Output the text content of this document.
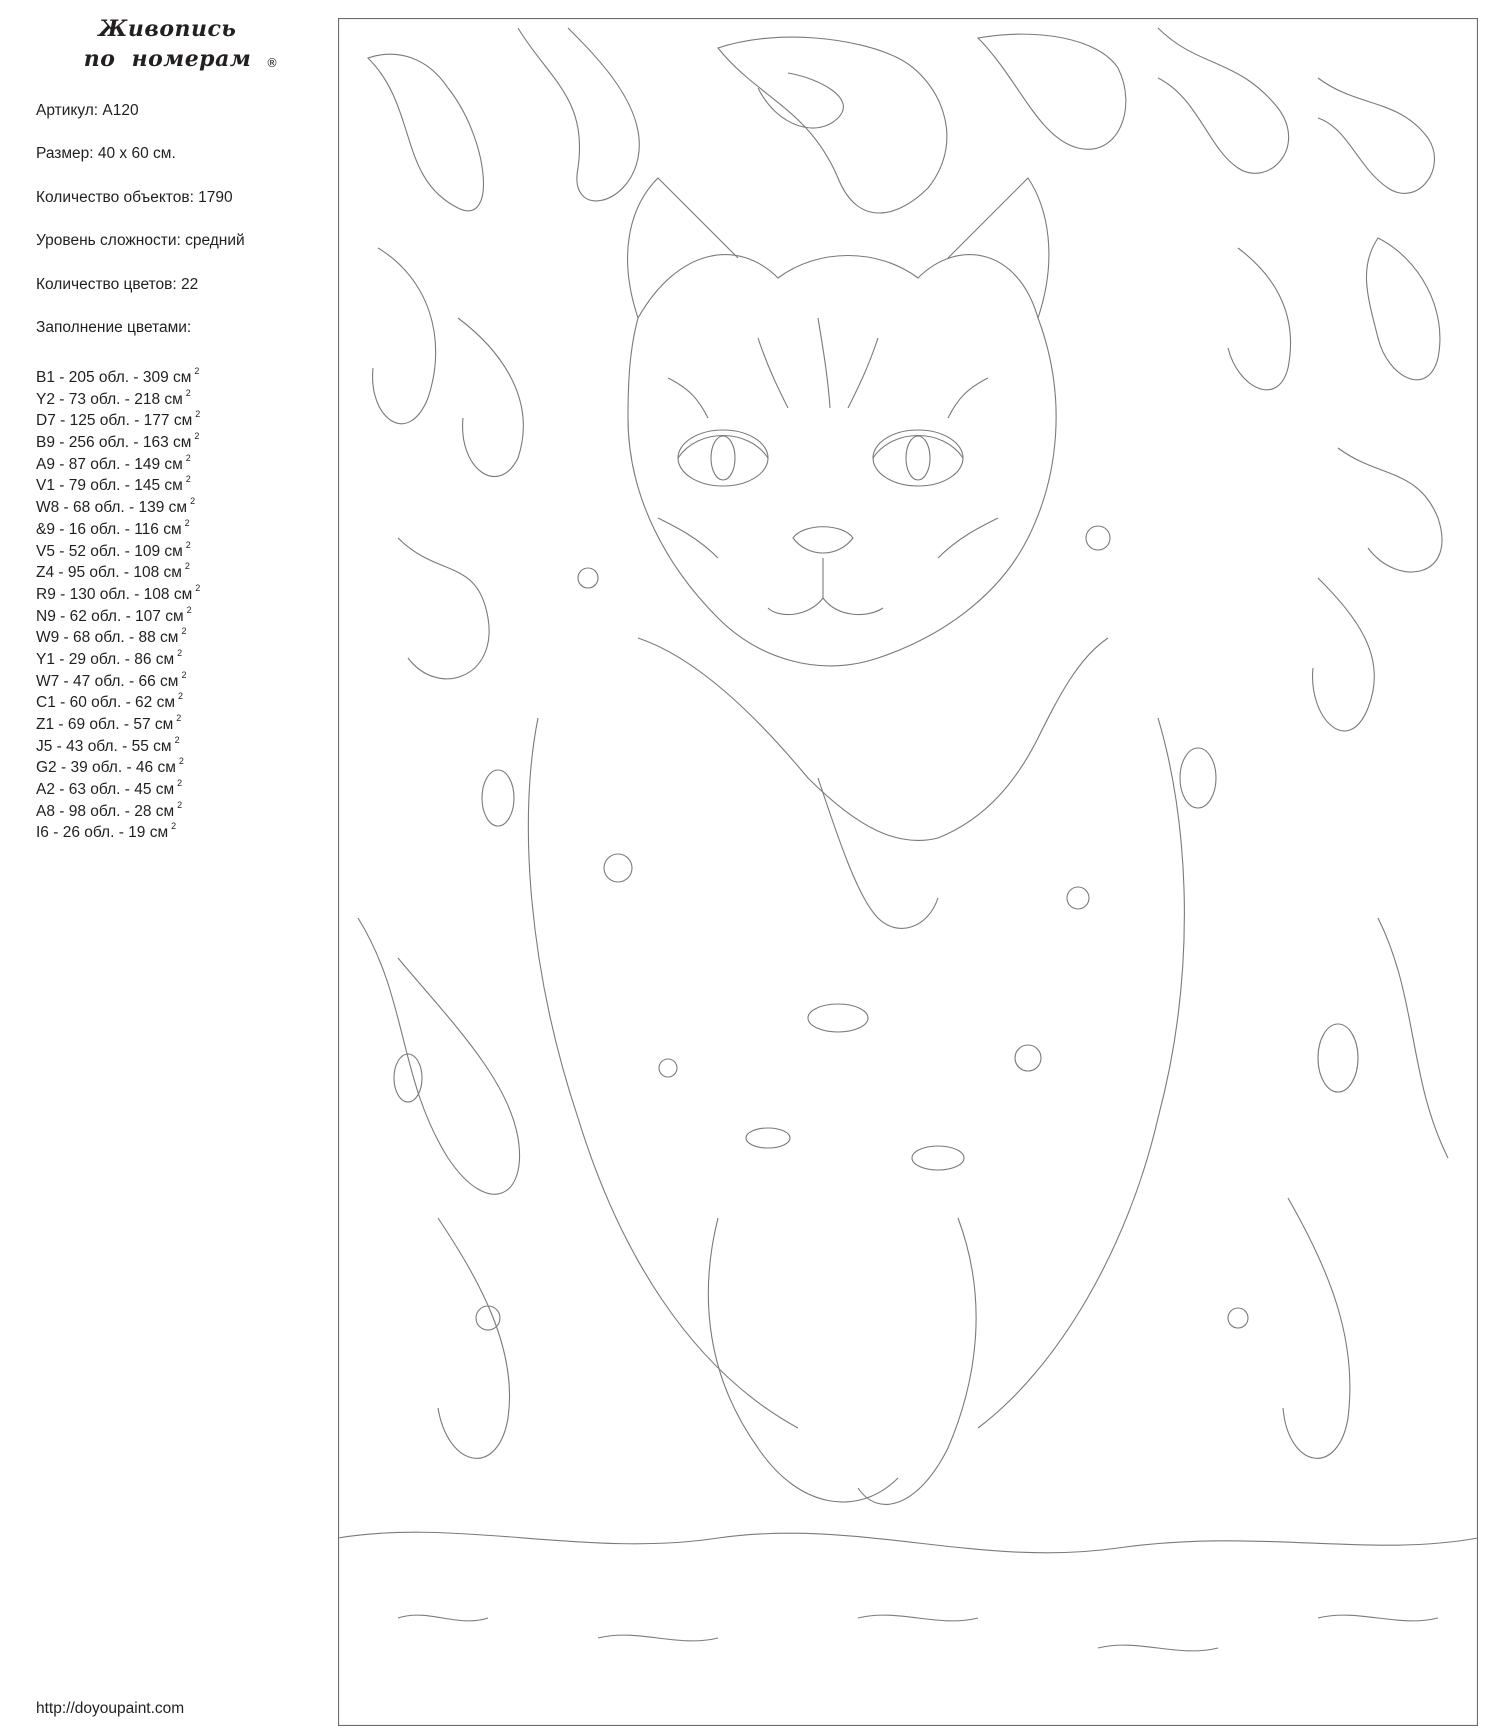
Живопись
по номерам ®
Артикул: A120
Размер: 40 x 60 см.
Количество объектов: 1790
Уровень сложности: средний
Количество цветов: 22
Заполнение цветами:
B1 - 205 обл. - 309 см $^2$
Y2 - 73 обл. - 218 см $^2$
D7 - 125 обл. - 177 см $^2$
B9 - 256 обл. - 163 см $^2$
A9 - 87 обл. - 149 см $^2$
V1 - 79 обл. - 145 см $^2$
W8 - 68 обл. - 139 см $^2$
&9 - 16 обл. - 116 см $^2$
V5 - 52 обл. - 109 см $^2$
Z4 - 95 обл. - 108 см $^2$
R9 - 130 обл. - 108 см $^2$
N9 - 62 обл. - 107 см $^2$
W9 - 68 обл. - 88 см $^2$
Y1 - 29 обл. - 86 см $^2$
W7 - 47 обл. - 66 см $^2$
C1 - 60 обл. - 62 см $^2$
Z1 - 69 обл. - 57 см $^2$
J5 - 43 обл. - 55 см $^2$
G2 - 39 обл. - 46 см $^2$
A2 - 63 обл. - 45 см $^2$
A8 - 98 обл. - 28 см $^2$
I6 - 26 обл. - 19 см $^2$
http://doyoupaint.com
